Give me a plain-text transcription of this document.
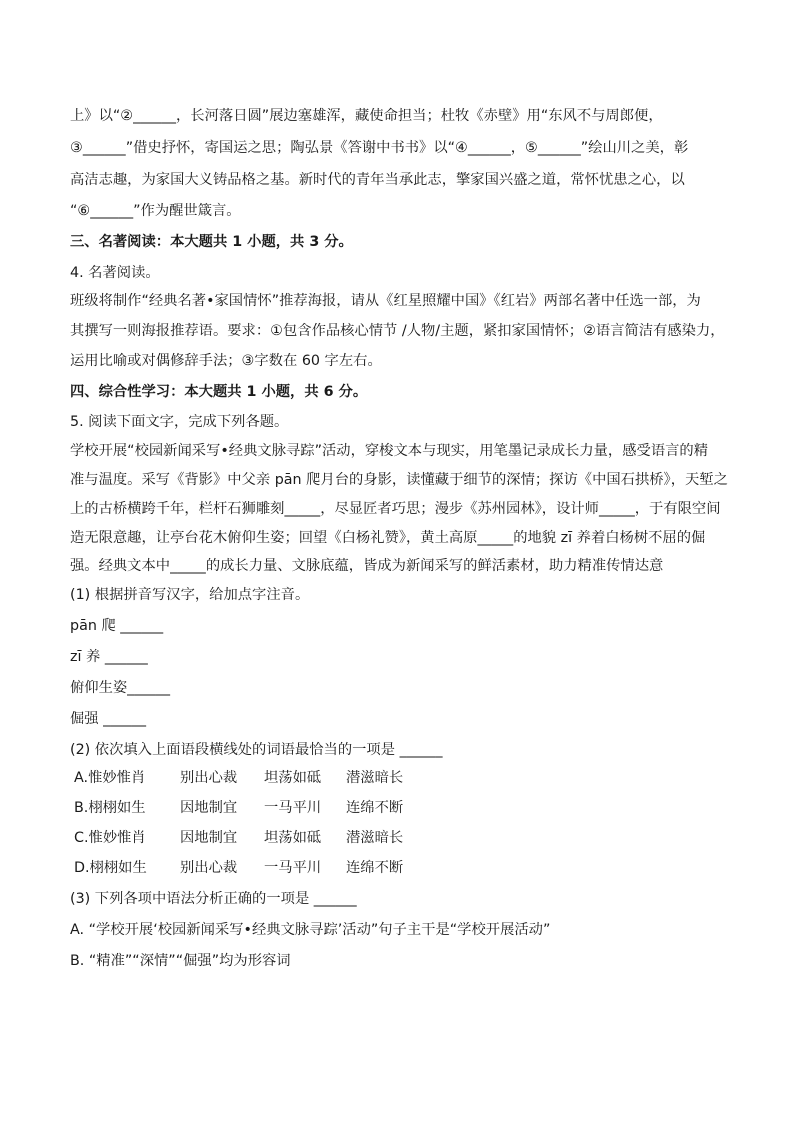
上》以“②______，长河落日圆”展边塞雄浑，藏使命担当；杜牧《赤壁》用“东风不与周郎便，
③______”借史抒怀，寄国运之思；陶弘景《答谢中书书》以“④______，⑤______”绘山川之美，彰
高洁志趣，为家国大义铸品格之基。新时代的青年当承此志，擎家国兴盛之道，常怀忧患之心，以
“⑥______”作为醒世箴言。
三、名著阅读：本大题共 1 小题，共 3 分。
4. 名著阅读。
班级将制作“经典名著•家国情怀”推荐海报，请从《红星照耀中国》《红岩》两部名著中任选一部，为
其撰写一则海报推荐语。要求：①包含作品核心情节 /人物/主题，紧扣家国情怀；②语言简洁有感染力，
运用比喻或对偶修辞手法；③字数在 60 字左右。
四、综合性学习：本大题共 1 小题，共 6 分。
5. 阅读下面文字，完成下列各题。
学校开展“校园新闻采写•经典文脉寻踪”活动，穿梭文本与现实，用笔墨记录成长力量，感受语言的精
准与温度。采写《背影》中父亲 pān 爬月台的身影，读懂藏于细节的深情；探访《中国石拱桥》，天堑之
上的古桥横跨千年，栏杆石狮雕刻_____，尽显匠者巧思；漫步《苏州园林》，设计师_____，于有限空间
造无限意趣，让亭台花木俯仰生姿；回望《白杨礼赞》，黄土高原_____的地貌 zī 养着白杨树不屈的倔
强。经典文本中_____的成长力量、文脉底蕴，皆成为新闻采写的鲜活素材，助力精准传情达意
(1) 根据拼音写汉字，给加点字注音。
pān 爬 ______
zī 养 ______
俯仰生姿______
倔强 ______
(2) 依次填入上面语段横线处的词语最恰当的一项是 ______
A.惟妙惟肖 别出心裁 坦荡如砥 潜滋暗长
B.栩栩如生 因地制宜 一马平川 连绵不断
C.惟妙惟肖 因地制宜 坦荡如砥 潜滋暗长
D.栩栩如生 别出心裁 一马平川 连绵不断
(3) 下列各项中语法分析正确的一项是 ______
A. “学校开展‘校园新闻采写•经典文脉寻踪’活动”句子主干是“学校开展活动”
B. “精准”“深情”“倔强”均为形容词
